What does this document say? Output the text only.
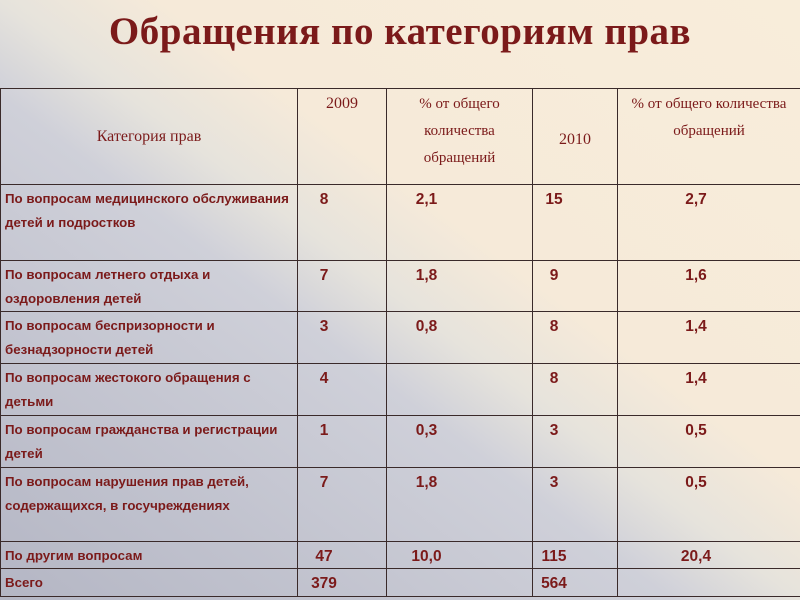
Обращения по категориям прав
Категория прав	2009	% от общего количества обращений	2010	% от общего количества обращений
По вопросам медицинского обслуживания детей и подростков	8	2,1	15	2,7
По вопросам летнего отдыха и оздоровления детей	7	1,8	9	1,6
По вопросам беспризорности и безнадзорности детей	3	0,8	8	1,4
По вопросам жестокого обращения с детьми	4		8	1,4
По вопросам гражданства и регистрации детей	1	0,3	3	0,5
По вопросам нарушения прав детей, содержащихся, в госучреждениях	7	1,8	3	0,5
По другим вопросам	47	10,0	115	20,4
Всего	379		564	
